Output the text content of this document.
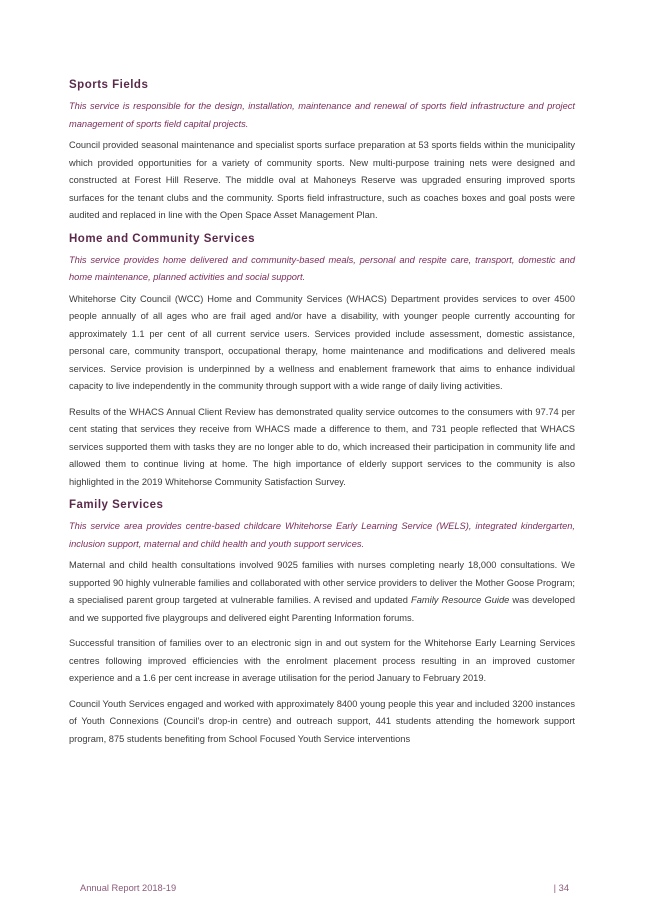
Sports Fields

This service is responsible for the design, installation, maintenance and renewal of sports field infrastructure and project management of sports field capital projects.

Council provided seasonal maintenance and specialist sports surface preparation at 53 sports fields within the municipality which provided opportunities for a variety of community sports. New multi-purpose training nets were designed and constructed at Forest Hill Reserve. The middle oval at Mahoneys Reserve was upgraded ensuring improved sports surfaces for the tenant clubs and the community. Sports field infrastructure, such as coaches boxes and goal posts were audited and replaced in line with the Open Space Asset Management Plan.

Home and Community Services

This service provides home delivered and community-based meals, personal and respite care, transport, domestic and home maintenance, planned activities and social support.

Whitehorse City Council (WCC) Home and Community Services (WHACS) Department provides services to over 4500 people annually of all ages who are frail aged and/or have a disability, with younger people currently accounting for approximately 1.1 per cent of all current service users. Services provided include assessment, domestic assistance, personal care, community transport, occupational therapy, home maintenance and modifications and delivered meals services. Service provision is underpinned by a wellness and enablement framework that aims to enhance individual capacity to live independently in the community through support with a wide range of daily living activities.

Results of the WHACS Annual Client Review has demonstrated quality service outcomes to the consumers with 97.74 per cent stating that services they receive from WHACS made a difference to them, and 731 people reflected that WHACS services supported them with tasks they are no longer able to do, which increased their participation in community life and allowed them to continue living at home. The high importance of elderly support services to the community is also highlighted in the 2019 Whitehorse Community Satisfaction Survey.

Family Services

This service area provides centre-based childcare Whitehorse Early Learning Service (WELS), integrated kindergarten, inclusion support, maternal and child health and youth support services.

Maternal and child health consultations involved 9025 families with nurses completing nearly 18,000 consultations. We supported 90 highly vulnerable families and collaborated with other service providers to deliver the Mother Goose Program; a specialised parent group targeted at vulnerable families. A revised and updated Family Resource Guide was developed and we supported five playgroups and delivered eight Parenting Information forums.

Successful transition of families over to an electronic sign in and out system for the Whitehorse Early Learning Services centres following improved efficiencies with the enrolment placement process resulting in an improved customer experience and a 1.6 per cent increase in average utilisation for the period January to February 2019.

Council Youth Services engaged and worked with approximately 8400 young people this year and included 3200 instances of Youth Connexions (Council’s drop-in centre) and outreach support, 441 students attending the homework support program, 875 students benefiting from School Focused Youth Service interventions

Annual Report 2018-19	| 34
